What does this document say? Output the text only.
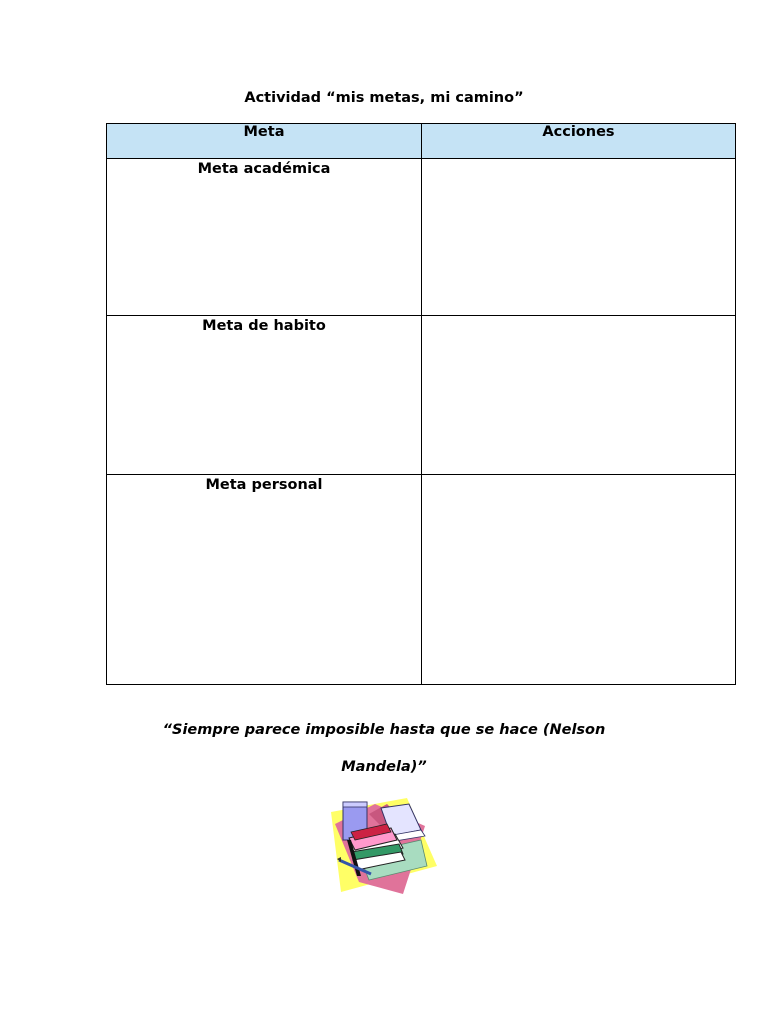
Actividad “mis metas, mi camino”
Meta	Acciones
Meta académica	
Meta de habito	
Meta personal	
“Siempre parece imposible hasta que se hace (Nelson
Mandela)”
